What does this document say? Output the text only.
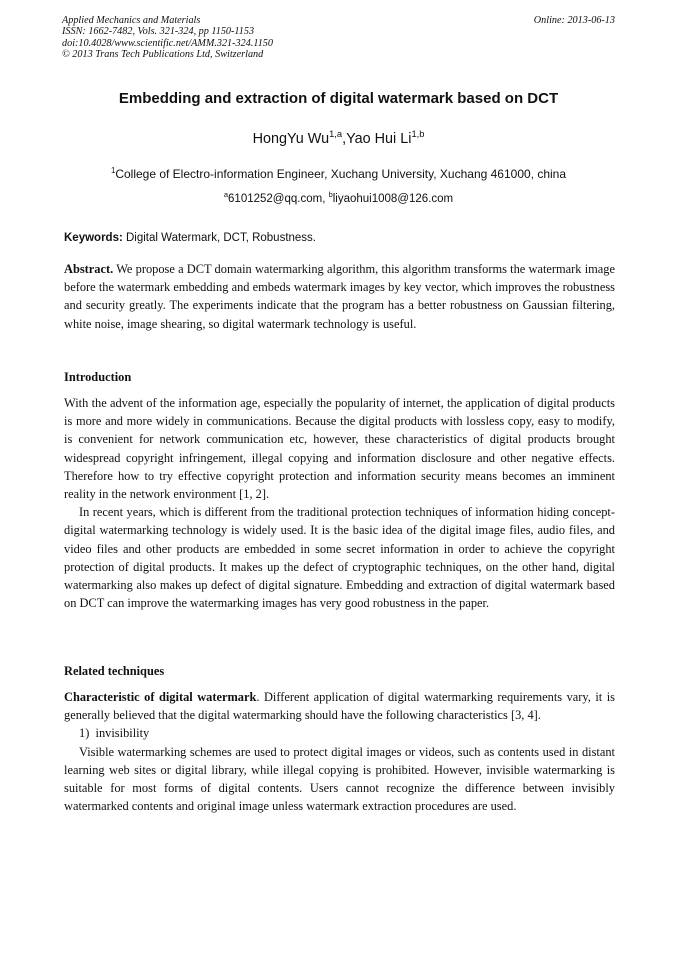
Applied Mechanics and Materials
ISSN: 1662-7482, Vols. 321-324, pp 1150-1153
doi:10.4028/www.scientific.net/AMM.321-324.1150
© 2013 Trans Tech Publications Ltd, Switzerland
Online: 2013-06-13
Embedding and extraction of digital watermark based on DCT
HongYu Wu$^{1,a}$,Yao Hui Li$^{1,b}$
$^1$College of Electro-information Engineer, Xuchang University, Xuchang 461000, china
$^a$6101252@qq.com, $^b$liyaohui1008@126.com
Keywords: Digital Watermark, DCT, Robustness.

Abstract. We propose a DCT domain watermarking algorithm, this algorithm transforms the watermark image before the watermark embedding and embeds watermark images by key vector, which improves the robustness and security greatly. The experiments indicate that the program has a better robustness on Gaussian filtering, white noise, image shearing, so digital watermark technology is useful.

Introduction

With the advent of the information age, especially the popularity of internet, the application of digital products is more and more widely in communications. Because the digital products with lossless copy, easy to modify, is convenient for network communication etc, however, these characteristics of digital products brought widespread copyright infringement, illegal copying and information disclosure and other negative effects. Therefore how to try effective copyright protection and information security means becomes an imminent reality in the network environment [1, 2].

In recent years, which is different from the traditional protection techniques of information hiding concept-digital watermarking technology is widely used. It is the basic idea of the digital image files, audio files, and video files and other products are embedded in some secret information in order to achieve the copyright protection of digital products. It makes up the defect of cryptographic techniques, on the other hand, digital watermarking also makes up defect of digital signature. Embedding and extraction of digital watermark based on DCT can improve the watermarking images has very good robustness in the paper.

Related techniques

Characteristic of digital watermark. Different application of digital watermarking requirements vary, it is generally believed that the digital watermarking should have the following characteristics [3, 4].

1) invisibility

Visible watermarking schemes are used to protect digital images or videos, such as contents used in distant learning web sites or digital library, while illegal copying is prohibited. However, invisible watermarking is suitable for most forms of digital contents. Users cannot recognize the difference between invisibly watermarked contents and original image unless watermark extraction procedures are used.
